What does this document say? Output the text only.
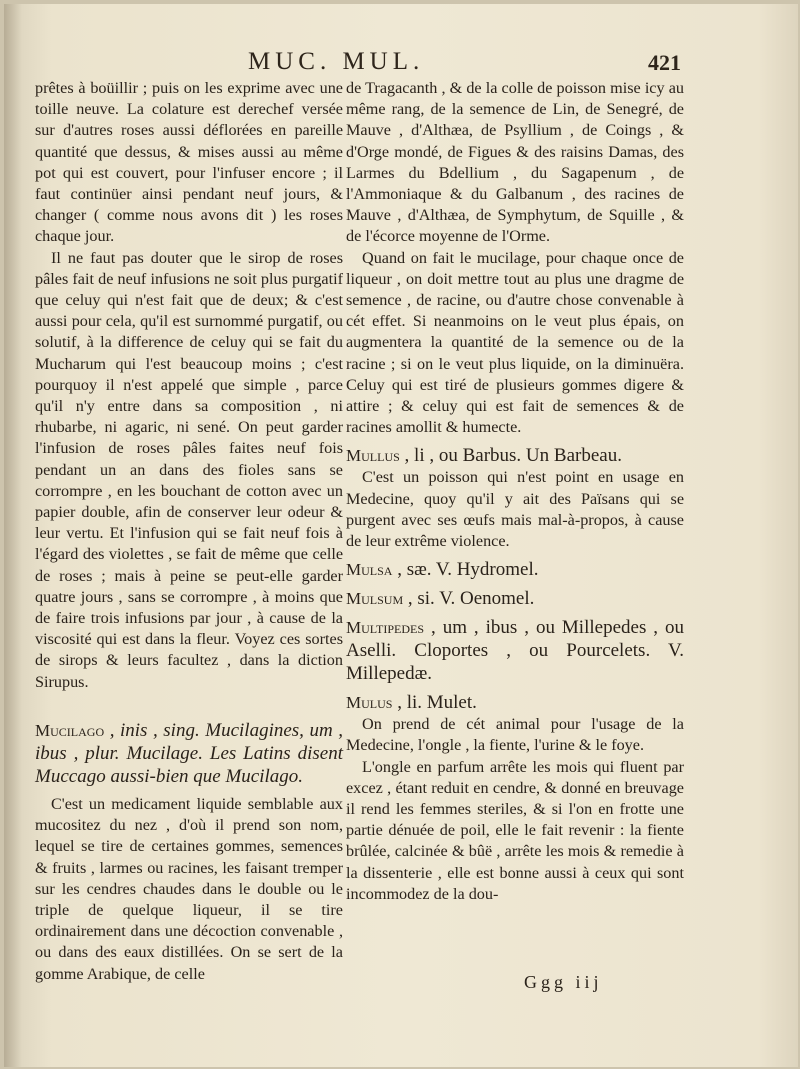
MUC. MUL.	421

prêtes à boüillir ; puis on les exprime avec une toille neuve. La colature est derechef versée sur d'autres roses aussi déflorées en pareille quantité que dessus, & mises aussi au même pot qui est couvert, pour l'infuser encore ; il faut continüer ainsi pendant neuf jours, & changer ( comme nous avons dit ) les roses chaque jour.

Il ne faut pas douter que le sirop de roses pâles fait de neuf infusions ne soit plus purgatif que celuy qui n'est fait que de deux; & c'est aussi pour cela, qu'il est surnommé purgatif, ou solutif, à la difference de celuy qui se fait du Mucharum qui l'est beaucoup moins ; c'est pourquoy il n'est appelé que simple , parce qu'il n'y entre dans sa composition , ni rhubarbe, ni agaric, ni sené. On peut garder l'infusion de roses pâles faites neuf fois pendant un an dans des fioles sans se corrompre , en les bouchant de cotton avec un papier double, afin de conserver leur odeur & leur vertu. Et l'infusion qui se fait neuf fois à l'égard des violettes , se fait de même que celle de roses ; mais à peine se peut-elle garder quatre jours , sans se corrompre , à moins que de faire trois infusions par jour , à cause de la viscosité qui est dans la fleur. Voyez ces sortes de sirops & leurs facultez , dans la diction Sirupus.

Mucilago , inis , sing. Mucilagines, um , ibus , plur. Mucilage. Les Latins disent Muccago aussi-bien que Mucilago.

C'est un medicament liquide semblable aux mucositez du nez , d'où il prend son nom, lequel se tire de certaines gommes, semences & fruits , larmes ou racines, les faisant tremper sur les cendres chaudes dans le double ou le triple de quelque liqueur, il se tire ordinairement dans une décoction convenable , ou dans des eaux distillées. On se sert de la gomme Arabique, de celle

de Tragacanth , & de la colle de poisson mise icy au même rang, de la semence de Lin, de Senegré, de Mauve , d'Althæa, de Psyllium , de Coings , & d'Orge mondé, de Figues & des raisins Damas, des Larmes du Bdellium , du Sagapenum , de l'Ammoniaque & du Galbanum , des racines de Mauve , d'Althæa, de Symphytum, de Squille , & de l'écorce moyenne de l'Orme.

Quand on fait le mucilage, pour chaque once de liqueur , on doit mettre tout au plus une dragme de semence , de racine, ou d'autre chose convenable à cét effet. Si neanmoins on le veut plus épais, on augmentera la quantité de la semence ou de la racine ; si on le veut plus liquide, on la diminuëra. Celuy qui est tiré de plusieurs gommes digere & attire ; & celuy qui est fait de semences & de racines amollit & humecte.

Mullus , li , ou Barbus. Un Barbeau.

C'est un poisson qui n'est point en usage en Medecine, quoy qu'il y ait des Païsans qui se purgent avec ses œufs mais mal-à-propos, à cause de leur extrême violence.

Mulsa , sæ. V. Hydromel.

Mulsum , si. V. Oenomel.

Multipedes , um , ibus , ou Millepedes , ou Aselli. Cloportes , ou Pourcelets. V. Millepedæ.

Mulus , li. Mulet.

On prend de cét animal pour l'usage de la Medecine, l'ongle , la fiente, l'urine & le foye.

L'ongle en parfum arrête les mois qui fluent par excez , étant reduit en cendre, & donné en breuvage il rend les femmes steriles, & si l'on en frotte une partie dénuée de poil, elle le fait revenir : la fiente brûlée, calcinée & bûë , arrête les mois & remedie à la dissenterie , elle est bonne aussi à ceux qui sont incommodez de la dou-

Ggg iij
